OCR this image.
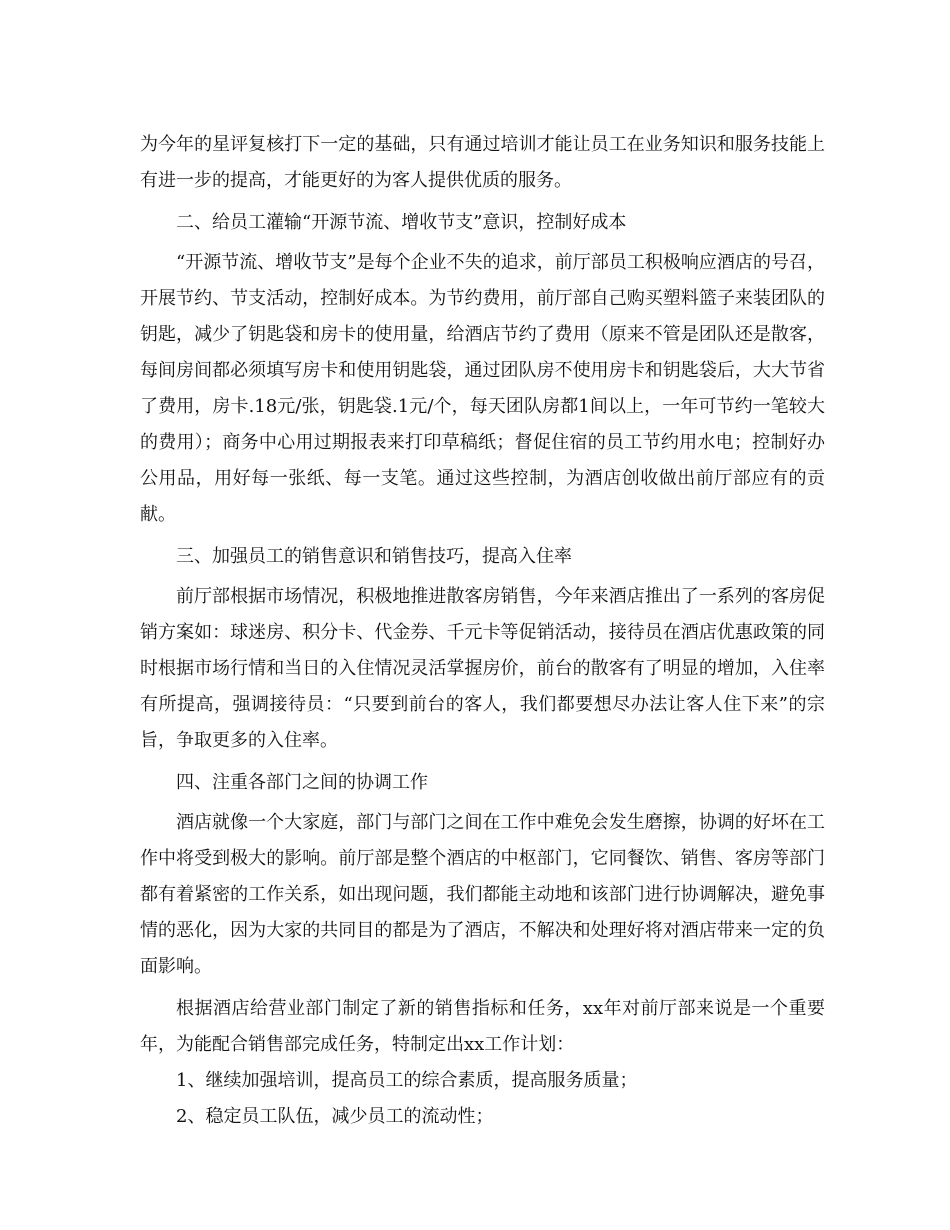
为今年的星评复核打下一定的基础，只有通过培训才能让员工在业务知识和服务技能上有进一步的提高，才能更好的为客人提供优质的服务。

二、给员工灌输“开源节流、增收节支”意识，控制好成本

“开源节流、增收节支”是每个企业不失的追求，前厅部员工积极响应酒店的号召，开展节约、节支活动，控制好成本。为节约费用，前厅部自己购买塑料篮子来装团队的钥匙，减少了钥匙袋和房卡的使用量，给酒店节约了费用（原来不管是团队还是散客，每间房间都必须填写房卡和使用钥匙袋，通过团队房不使用房卡和钥匙袋后，大大节省了费用，房卡.18元/张，钥匙袋.1元/个，每天团队房都1间以上，一年可节约一笔较大的费用）；商务中心用过期报表来打印草稿纸；督促住宿的员工节约用水电；控制好办公用品，用好每一张纸、每一支笔。通过这些控制，为酒店创收做出前厅部应有的贡献。

三、加强员工的销售意识和销售技巧，提高入住率

前厅部根据市场情况，积极地推进散客房销售，今年来酒店推出了一系列的客房促销方案如：球迷房、积分卡、代金券、千元卡等促销活动，接待员在酒店优惠政策的同时根据市场行情和当日的入住情况灵活掌握房价，前台的散客有了明显的增加，入住率有所提高，强调接待员：“只要到前台的客人，我们都要想尽办法让客人住下来”的宗旨，争取更多的入住率。

四、注重各部门之间的协调工作

酒店就像一个大家庭，部门与部门之间在工作中难免会发生磨擦，协调的好坏在工作中将受到极大的影响。前厅部是整个酒店的中枢部门，它同餐饮、销售、客房等部门都有着紧密的工作关系，如出现问题，我们都能主动地和该部门进行协调解决，避免事情的恶化，因为大家的共同目的都是为了酒店，不解决和处理好将对酒店带来一定的负面影响。

根据酒店给营业部门制定了新的销售指标和任务，xx年对前厅部来说是一个重要年，为能配合销售部完成任务，特制定出xx工作计划：

1、继续加强培训，提高员工的综合素质，提高服务质量；

2、稳定员工队伍，减少员工的流动性；
